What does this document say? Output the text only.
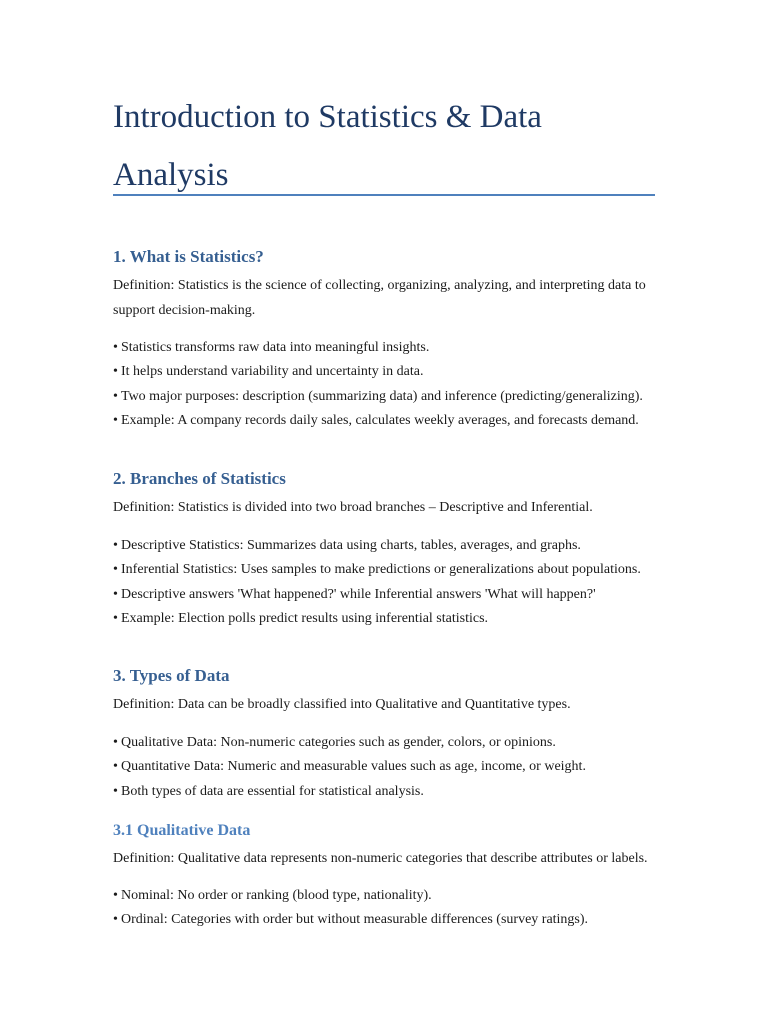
Introduction to Statistics & Data Analysis
1. What is Statistics?

Definition: Statistics is the science of collecting, organizing, analyzing, and interpreting data to support decision-making.

• Statistics transforms raw data into meaningful insights.
• It helps understand variability and uncertainty in data.
• Two major purposes: description (summarizing data) and inference (predicting/generalizing).
• Example: A company records daily sales, calculates weekly averages, and forecasts demand.
2. Branches of Statistics

Definition: Statistics is divided into two broad branches – Descriptive and Inferential.

• Descriptive Statistics: Summarizes data using charts, tables, averages, and graphs.
• Inferential Statistics: Uses samples to make predictions or generalizations about populations.
• Descriptive answers 'What happened?' while Inferential answers 'What will happen?'
• Example: Election polls predict results using inferential statistics.
3. Types of Data

Definition: Data can be broadly classified into Qualitative and Quantitative types.

• Qualitative Data: Non-numeric categories such as gender, colors, or opinions.
• Quantitative Data: Numeric and measurable values such as age, income, or weight.
• Both types of data are essential for statistical analysis.
3.1 Qualitative Data

Definition: Qualitative data represents non-numeric categories that describe attributes or labels.

• Nominal: No order or ranking (blood type, nationality).
• Ordinal: Categories with order but without measurable differences (survey ratings).
